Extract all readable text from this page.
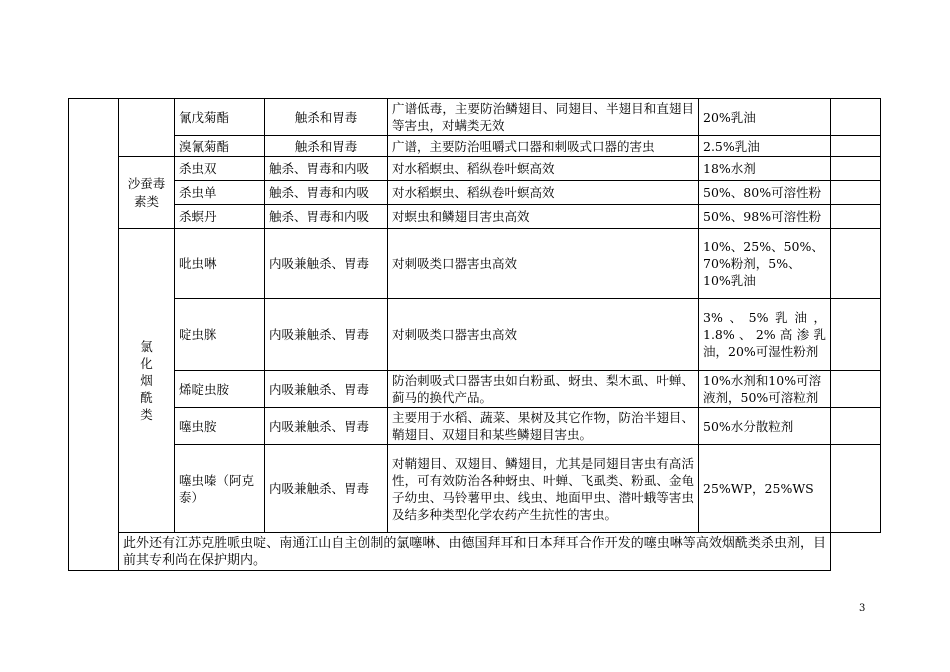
		氰戊菊酯	触杀和胃毒	广谱低毒，主要防治鳞翅目、同翅目、半翅目和直翅目等害虫，对螨类无效	20%乳油	
		溴氰菊酯	触杀和胃毒	广谱，主要防治咀嚼式口器和刺吸式口器的害虫	2.5%乳油	
	沙蚕毒素类	杀虫双	触杀、胃毒和内吸	对水稻螟虫、稻纵卷叶螟高效	18%水剂	
		杀虫单	触杀、胃毒和内吸	对水稻螟虫、稻纵卷叶螟高效	50%、80%可溶性粉	
		杀螟丹	触杀、胃毒和内吸	对螟虫和鳞翅目害虫高效	50%、98%可溶性粉	

	氯化烟酰类	吡虫啉	内吸兼触杀、胃毒	对刺吸类口器害虫高效	10%、25%、50%、70%粉剂，5%、10%乳油	
		啶虫脒	内吸兼触杀、胃毒	对刺吸类口器害虫高效	3%、5%乳油，1.8%、2%高渗乳油，20%可湿性粉剂	
		烯啶虫胺	内吸兼触杀、胃毒	防治刺吸式口器害虫如白粉虱、蚜虫、梨木虱、叶蝉、蓟马的换代产品。	10%水剂和10%可溶液剂，50%可溶粒剂	
		噻虫胺	内吸兼触杀、胃毒	主要用于水稻、蔬菜、果树及其它作物，防治半翅目、鞘翅目、双翅目和某些鳞翅目害虫。	50%水分散粒剂	
		噻虫嗪（阿克泰）	内吸兼触杀、胃毒	对鞘翅目、双翅目、鳞翅目，尤其是同翅目害虫有高活性，可有效防治各种蚜虫、叶蝉、飞虱类、粉虱、金龟子幼虫、马铃薯甲虫、线虫、地面甲虫、潜叶蛾等害虫及结多种类型化学农药产生抗性的害虫。	25%WP，25%WS	
	此外还有江苏克胜哌虫啶、南通江山自主创制的氯噻啉、由德国拜耳和日本拜耳合作开发的噻虫啉等高效烟酰类杀虫剂，目前其专利尚在保护期内。					
3
